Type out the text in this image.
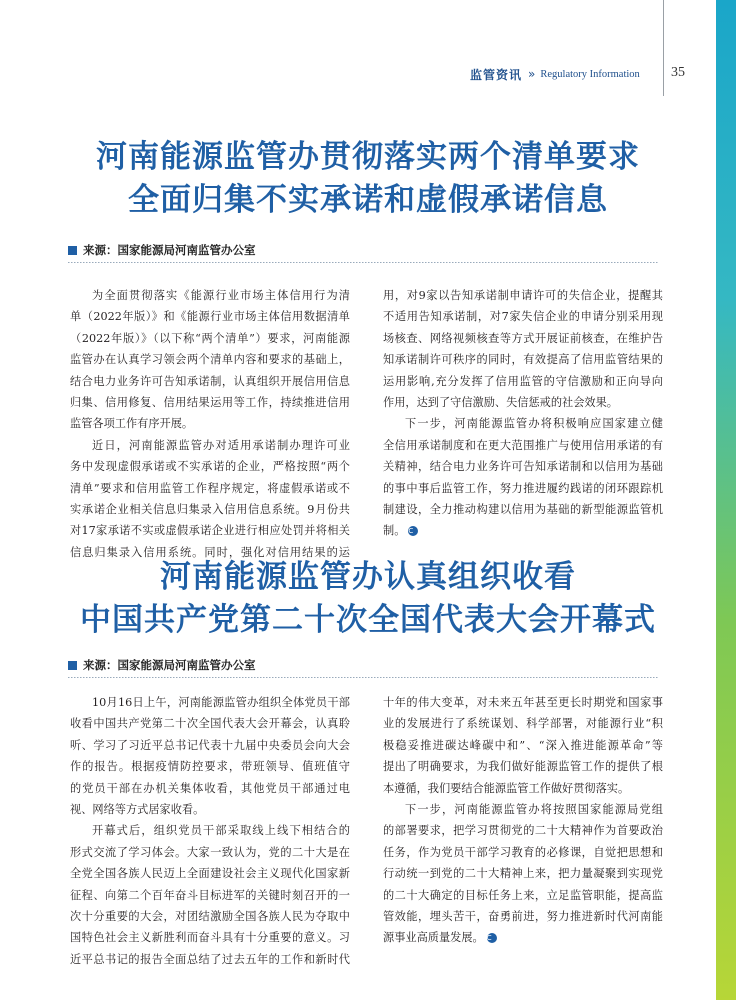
监管资讯 » Regulatory Information 35
河南能源监管办贯彻落实两个清单要求
全面归集不实承诺和虚假承诺信息
来源：国家能源局河南监管办公室
为全面贯彻落实《能源行业市场主体信用行为清
单（2022年版）》和《能源行业市场主体信用数据清单
（2022年版）》（以下称“两个清单”）要求，河南能源
监管办在认真学习领会两个清单内容和要求的基础上，
结合电力业务许可告知承诺制，认真组织开展信用信息
归集、信用修复、信用结果运用等工作，持续推进信用
监管各项工作有序开展。
近日，河南能源监管办对适用承诺制办理许可业
务中发现虚假承诺或不实承诺的企业，严格按照“两个
清单”要求和信用监管工作程序规定，将虚假承诺或不
实承诺企业相关信息归集录入信用信息系统。9月份共
对17家承诺不实或虚假承诺企业进行相应处罚并将相关
信息归集录入信用系统。同时，强化对信用结果的运
用，对9家以告知承诺制申请许可的失信企业，提醒其
不适用告知承诺制，对7家失信企业的申请分别采用现
场核查、网络视频核查等方式开展证前核查，在维护告
知承诺制许可秩序的同时，有效提高了信用监管结果的
运用影响,充分发挥了信用监管的守信激励和正向导向
作用，达到了守信激励、失信惩戒的社会效果。
下一步，河南能源监管办将积极响应国家建立健
全信用承诺制度和在更大范围推广与使用信用承诺的有
关精神，结合电力业务许可告知承诺制和以信用为基础
的事中事后监管工作，努力推进履约践诺的闭环跟踪机
制建设，全力推动构建以信用为基础的新型能源监管机
制。 C
河南能源监管办认真组织收看
中国共产党第二十次全国代表大会开幕式
来源：国家能源局河南监管办公室
10月16日上午，河南能源监管办组织全体党员干部
收看中国共产党第二十次全国代表大会开幕会，认真聆
听、学习了习近平总书记代表十九届中央委员会向大会
作的报告。根据疫情防控要求，带班领导、值班值守
的党员干部在办机关集体收看，其他党员干部通过电
视、网络等方式居家收看。
开幕式后，组织党员干部采取线上线下相结合的
形式交流了学习体会。大家一致认为，党的二十大是在
全党全国各族人民迈上全面建设社会主义现代化国家新
征程、向第二个百年奋斗目标进军的关键时刻召开的一
次十分重要的大会，对团结激励全国各族人民为夺取中
国特色社会主义新胜利而奋斗具有十分重要的意义。习
近平总书记的报告全面总结了过去五年的工作和新时代
十年的伟大变革，对未来五年甚至更长时期党和国家事
业的发展进行了系统谋划、科学部署，对能源行业“积
极稳妥推进碳达峰碳中和”、“深入推进能源革命”等
提出了明确要求，为我们做好能源监管工作的提供了根
本遵循，我们要结合能源监管工作做好贯彻落实。
下一步，河南能源监管办将按照国家能源局党组
的部署要求，把学习贯彻党的二十大精神作为首要政治
任务，作为党员干部学习教育的必修课，自觉把思想和
行动统一到党的二十大精神上来，把力量凝聚到实现党
的二十大确定的目标任务上来，立足监管职能，提高监
管效能，埋头苦干，奋勇前进，努力推进新时代河南能
源事业高质量发展。 C
